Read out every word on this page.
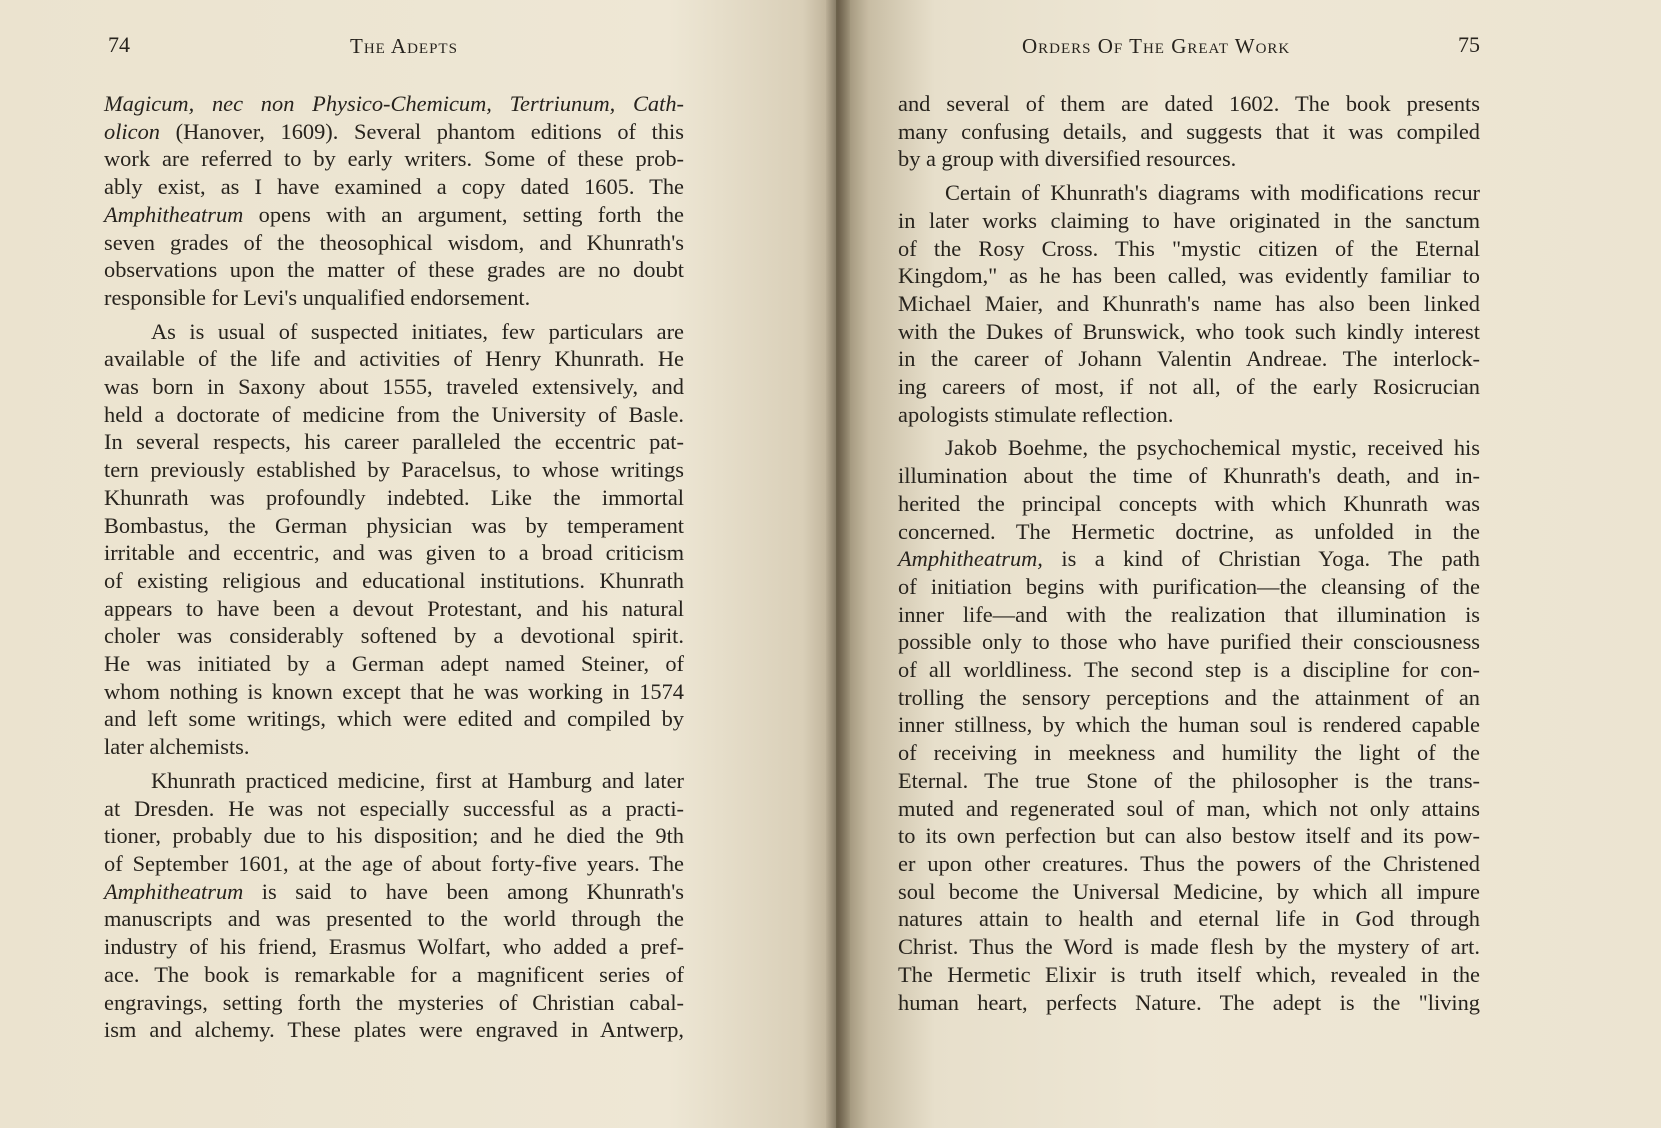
74	The Adepts
Magicum, nec non Physico-Chemicum, Tertriunum, Cath-
olicon (Hanover, 1609). Several phantom editions of this
work are referred to by early writers. Some of these prob-
ably exist, as I have examined a copy dated 1605. The
Amphitheatrum opens with an argument, setting forth the
seven grades of the theosophical wisdom, and Khunrath's
observations upon the matter of these grades are no doubt
responsible for Levi's unqualified endorsement.
As is usual of suspected initiates, few particulars are
available of the life and activities of Henry Khunrath. He
was born in Saxony about 1555, traveled extensively, and
held a doctorate of medicine from the University of Basle.
In several respects, his career paralleled the eccentric pat-
tern previously established by Paracelsus, to whose writings
Khunrath was profoundly indebted. Like the immortal
Bombastus, the German physician was by temperament
irritable and eccentric, and was given to a broad criticism
of existing religious and educational institutions. Khunrath
appears to have been a devout Protestant, and his natural
choler was considerably softened by a devotional spirit.
He was initiated by a German adept named Steiner, of
whom nothing is known except that he was working in 1574
and left some writings, which were edited and compiled by
later alchemists.
Khunrath practiced medicine, first at Hamburg and later
at Dresden. He was not especially successful as a practi-
tioner, probably due to his disposition; and he died the 9th
of September 1601, at the age of about forty-five years. The
Amphitheatrum is said to have been among Khunrath's
manuscripts and was presented to the world through the
industry of his friend, Erasmus Wolfart, who added a pref-
ace. The book is remarkable for a magnificent series of
engravings, setting forth the mysteries of Christian cabal-
ism and alchemy. These plates were engraved in Antwerp,
Orders Of The Great Work	75
and several of them are dated 1602. The book presents
many confusing details, and suggests that it was compiled
by a group with diversified resources.
Certain of Khunrath's diagrams with modifications recur
in later works claiming to have originated in the sanctum
of the Rosy Cross. This "mystic citizen of the Eternal
Kingdom," as he has been called, was evidently familiar to
Michael Maier, and Khunrath's name has also been linked
with the Dukes of Brunswick, who took such kindly interest
in the career of Johann Valentin Andreae. The interlock-
ing careers of most, if not all, of the early Rosicrucian
apologists stimulate reflection.
Jakob Boehme, the psychochemical mystic, received his
illumination about the time of Khunrath's death, and in-
herited the principal concepts with which Khunrath was
concerned. The Hermetic doctrine, as unfolded in the
Amphitheatrum, is a kind of Christian Yoga. The path
of initiation begins with purification—the cleansing of the
inner life—and with the realization that illumination is
possible only to those who have purified their consciousness
of all worldliness. The second step is a discipline for con-
trolling the sensory perceptions and the attainment of an
inner stillness, by which the human soul is rendered capable
of receiving in meekness and humility the light of the
Eternal. The true Stone of the philosopher is the trans-
muted and regenerated soul of man, which not only attains
to its own perfection but can also bestow itself and its pow-
er upon other creatures. Thus the powers of the Christened
soul become the Universal Medicine, by which all impure
natures attain to health and eternal life in God through
Christ. Thus the Word is made flesh by the mystery of art.
The Hermetic Elixir is truth itself which, revealed in the
human heart, perfects Nature. The adept is the "living
